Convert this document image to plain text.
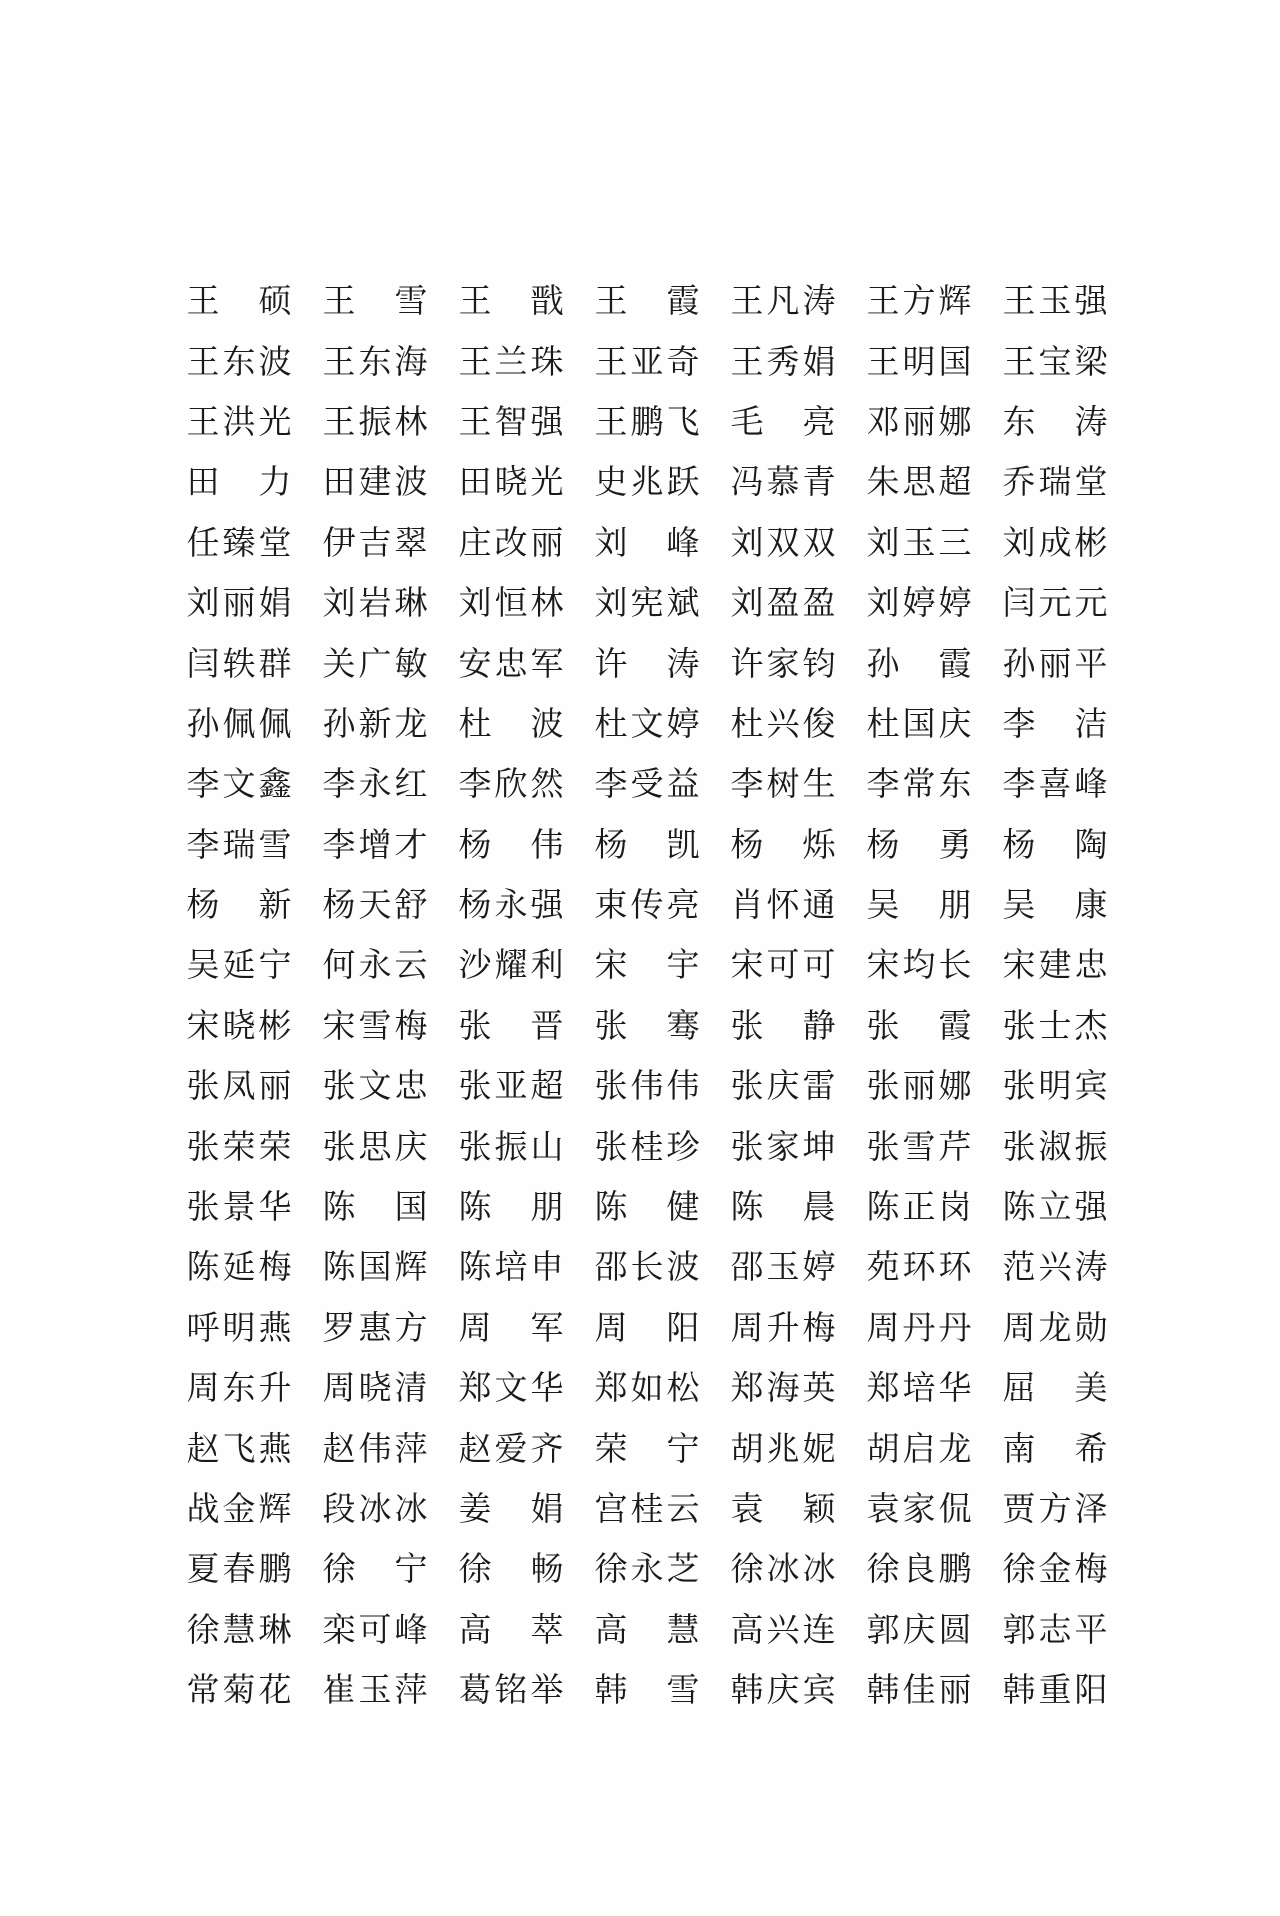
王 硕 王 雪 王 戬 王 霞 王 凡 涛 王 方 辉 王 玉 强
王 东 波 王 东 海 王 兰 珠 王 亚 奇 王 秀 娟 王 明 国 王 宝 梁
王 洪 光 王 振 林 王 智 强 王 鹏 飞 毛 亮 邓 丽 娜 东 涛
田 力 田 建 波 田 晓 光 史 兆 跃 冯 慕 青 朱 思 超 乔 瑞 堂
任 臻 堂 伊 吉 翠 庄 改 丽 刘 峰 刘 双 双 刘 玉 三 刘 成 彬
刘 丽 娟 刘 岩 琳 刘 恒 林 刘 宪 斌 刘 盈 盈 刘 婷 婷 闫 元 元
闫 轶 群 关 广 敏 安 忠 军 许 涛 许 家 钧 孙 霞 孙 丽 平
孙 佩 佩 孙 新 龙 杜 波 杜 文 婷 杜 兴 俊 杜 国 庆 李 洁
李 文 鑫 李 永 红 李 欣 然 李 受 益 李 树 生 李 常 东 李 喜 峰
李 瑞 雪 李 增 才 杨 伟 杨 凯 杨 烁 杨 勇 杨 陶
杨 新 杨 天 舒 杨 永 强 束 传 亮 肖 怀 通 吴 朋 吴 康
吴 延 宁 何 永 云 沙 耀 利 宋 宇 宋 可 可 宋 均 长 宋 建 忠
宋 晓 彬 宋 雪 梅 张 晋 张 骞 张 静 张 霞 张 士 杰
张 凤 丽 张 文 忠 张 亚 超 张 伟 伟 张 庆 雷 张 丽 娜 张 明 宾
张 荣 荣 张 思 庆 张 振 山 张 桂 珍 张 家 坤 张 雪 芹 张 淑 振
张 景 华 陈 国 陈 朋 陈 健 陈 晨 陈 正 岗 陈 立 强
陈 延 梅 陈 国 辉 陈 培 申 邵 长 波 邵 玉 婷 苑 环 环 范 兴 涛
呼 明 燕 罗 惠 方 周 军 周 阳 周 升 梅 周 丹 丹 周 龙 勋
周 东 升 周 晓 清 郑 文 华 郑 如 松 郑 海 英 郑 培 华 屈 美
赵 飞 燕 赵 伟 萍 赵 爱 齐 荣 宁 胡 兆 妮 胡 启 龙 南 希
战 金 辉 段 冰 冰 姜 娟 宫 桂 云 袁 颖 袁 家 侃 贾 方 泽
夏 春 鹏 徐 宁 徐 畅 徐 永 芝 徐 冰 冰 徐 良 鹏 徐 金 梅
徐 慧 琳 栾 可 峰 高 萃 高 慧 高 兴 连 郭 庆 圆 郭 志 平
常 菊 花 崔 玉 萍 葛 铭 举 韩 雪 韩 庆 宾 韩 佳 丽 韩 重 阳
